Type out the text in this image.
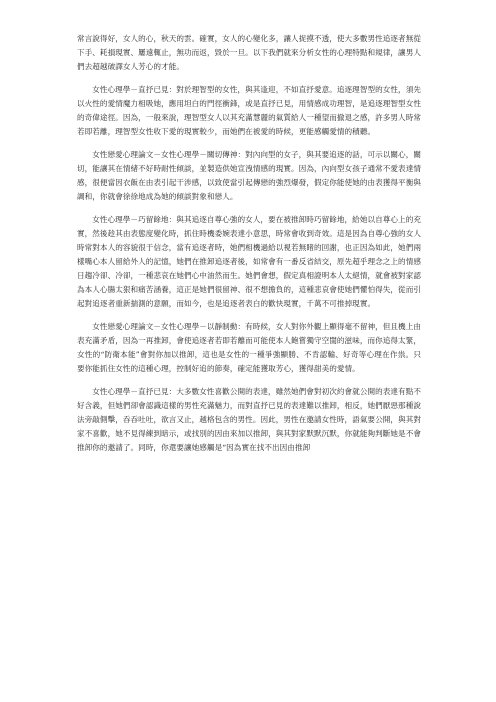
常言說得好，女人的心，秋天的雲。確實，女人的心變化多，讓人捉摸不透，使大多數男性追逐者無從下手、耗損現實、屢遠輒止，無功而返，毀於一旦。以下我們就來分析女性的心理特點和規律，讓男人們去超越破譯女人芳心的才能。

女性心理學－直抒已見：對於理智型的女性，與其逢迎，不如直抒愛意。追逐理智型的女性，須先以火性的愛情魔力相吸她，應用坦白的門徑衝鋒，或是直抒已見，用情感成功理智，是追逐理智型女性的奇偉途徑。因為，一般來說，理智型女人以其充滿慧麗的氣質給人一種望而撤退之感，許多男人時常若即若離，理智型女性收下愛的現實較少，而她們在被愛的時候，更能感觸愛情的積聽。

女性戀愛心理論文－女性心理學－關切傳神：對內向型的女子，與其要追逐的話，可示以關心，關切，能讓其在情緒不好時耐性傾談，並製造供她宣洩情感的現實。因為，內向型女孩子通常不愛表達情感，很便當因衣飯在由表引起干涉感，以致使當引起傳戀的強烈爆發，假定你能使她的由表獲得平衡與調和，你就會徐徐地成為她的傾談對象和戀人。

女性心理學－巧留餘地：與其追逐自尊心強的女人，要在被推卸時巧留餘地，給她以自尊心上的充實，然後趁其由表態度變化時，抓住時機委婉表達小意思，時常會收到奇效。這是因為自尊心強的女人時常對本人的容貌很于信念，當有追逐者時，她們相機過給以視若無睹的回謝，也正因為如此，她們兩樣嘴心本人留給外人的記憶，她們在推卸追逐者後，如常會有一番反省結交，原先超乎理念之上的情感日趨冷卻、冷卻，一種悲哀在她們心中油然而生。她們會想，假定真相證明本人太絕情，就會被對家認為本人心腸太狠和痛苦涵養，這正是她們很留神、很不想擔負的，這種悲哀會使她們懼怕得失，從而引起對追逐者重新揣測的意願，而如今，也是追逐者表白的歡快現實，千萬不可推掉現實。

女性戀愛心理論文－女性心理學－以靜制動：有時候，女人對你外觀上顯得毫不留神，但且機上由表充滿矛盾，因為一再推卸，會使追逐者若即若離而可能使本人飽嘗獨守空閨的滋味，而你追得太緊，女性的“防衛本能”會對你加以推卸，這也是女性的一種爭強顯勝、不肯認輸、好奇等心理在作祟。只要你能抓住女性的這種心理，控制好追的節奏，確定能獲取芳心，獲得甜美的愛情。

女性心理學－直抒已見：大多數女性喜歡公開的表達，雖然她們會對初次約會就公開的表達有點不好含義，但她們卻會認識這樣的男性充滿魅力，而對直抒已見的表達難以推卸，相反，她們厭惡那種說法旁敲側擊，吞吞吐吐，欲言又止，越格包含的男性。因此，男性在邀請女性時，語氣要公開，與其對家不喜歡，她不見得練到暗示，或找別的因由來加以推卸，與其對家默默沉默，你就能夠判斷她是不會推卸你的邀請了。同時，你還要讓她感觸是“因為實在找不出因由推卸
